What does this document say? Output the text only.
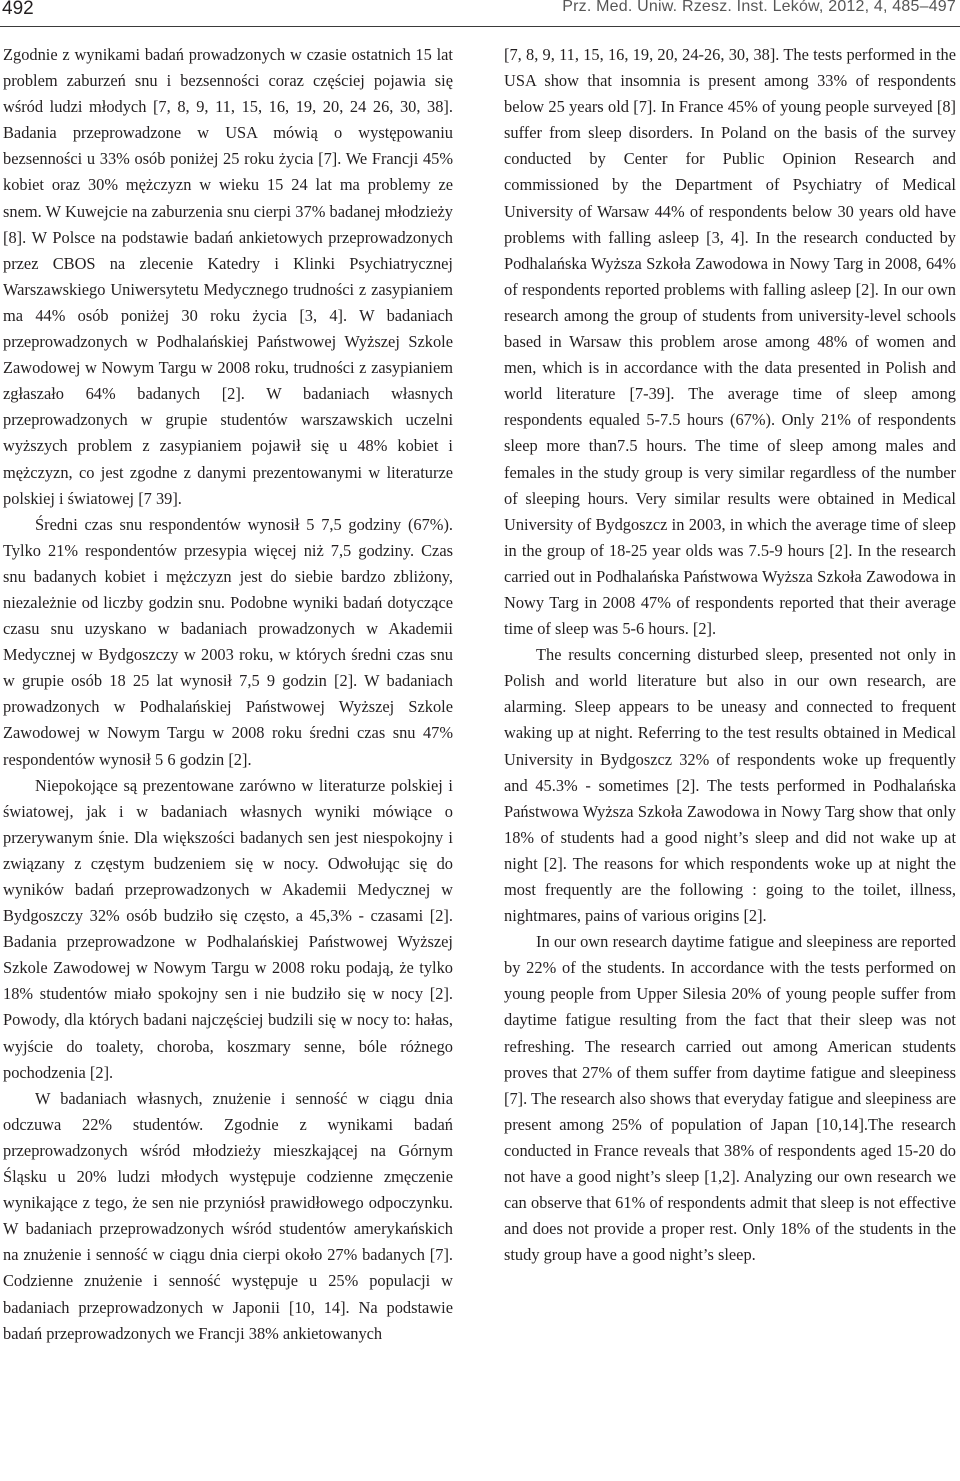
492	Prz. Med. Uniw. Rzesz. Inst. Leków, 2012, 4, 485–497

Zgodnie z wynikami badań prowadzonych w czasie ostatnich 15 lat problem zaburzeń snu i bezsenności coraz częściej pojawia się wśród ludzi młodych [7, 8, 9, 11, 15, 16, 19, 20, 24 26, 30, 38]. Badania przeprowadzone w USA mówią o występowaniu bezsenności u 33% osób poniżej 25 roku życia [7]. We Francji 45% kobiet oraz 30% mężczyzn w wieku 15 24 lat ma problemy ze snem. W Kuwejcie na zaburzenia snu cierpi 37% badanej młodzieży [8]. W Polsce na podstawie badań ankietowych przeprowadzonych przez CBOS na zlecenie Katedry i Klinki Psychiatrycznej Warszawskiego Uniwersytetu Medycznego trudności z zasypianiem ma 44% osób poniżej 30 roku życia [3, 4]. W badaniach przeprowadzonych w Podhalańskiej Państwowej Wyższej Szkole Zawodowej w Nowym Targu w 2008 roku, trudności z zasypianiem zgłaszało 64% badanych [2]. W badaniach własnych przeprowadzonych w grupie studentów warszawskich uczelni wyższych problem z zasypianiem pojawił się u 48% kobiet i mężczyzn, co jest zgodne z danymi prezentowanymi w literaturze polskiej i światowej [7 39].

Średni czas snu respondentów wynosił 5 7,5 godziny (67%). Tylko 21% respondentów przesypia więcej niż 7,5 godziny. Czas snu badanych kobiet i mężczyzn jest do siebie bardzo zbliżony, niezależnie od liczby godzin snu. Podobne wyniki badań dotyczące czasu snu uzyskano w badaniach prowadzonych w Akademii Medycznej w Bydgoszczy w 2003 roku, w których średni czas snu w grupie osób 18 25 lat wynosił 7,5 9 godzin [2]. W badaniach prowadzonych w Podhalańskiej Państwowej Wyższej Szkole Zawodowej w Nowym Targu w 2008 roku średni czas snu 47% respondentów wynosił 5 6 godzin [2].

Niepokojące są prezentowane zarówno w literaturze polskiej i światowej, jak i w badaniach własnych wyniki mówiące o przerywanym śnie. Dla większości badanych sen jest niespokojny i związany z częstym budzeniem się w nocy. Odwołując się do wyników badań przeprowadzonych w Akademii Medycznej w Bydgoszczy 32% osób budziło się często, a 45,3% - czasami [2]. Badania przeprowadzone w Podhalańskiej Państwowej Wyższej Szkole Zawodowej w Nowym Targu w 2008 roku podają, że tylko 18% studentów miało spokojny sen i nie budziło się w nocy [2]. Powody, dla których badani najczęściej budzili się w nocy to: hałas, wyjście do toalety, choroba, koszmary senne, bóle różnego pochodzenia [2].

W badaniach własnych, znużenie i senność w ciągu dnia odczuwa 22% studentów. Zgodnie z wynikami badań przeprowadzonych wśród młodzieży mieszkającej na Górnym Śląsku u 20% ludzi młodych występuje codzienne zmęczenie wynikające z tego, że sen nie przyniósł prawidłowego odpoczynku. W badaniach przeprowadzonych wśród studentów amerykańskich na znużenie i senność w ciągu dnia cierpi około 27% badanych [7]. Codzienne znużenie i senność występuje u 25% populacji w badaniach przeprowadzonych w Japonii [10, 14]. Na podstawie badań przeprowadzonych we Francji 38% ankietowanych

[7, 8, 9, 11, 15, 16, 19, 20, 24-26, 30, 38]. The tests performed in the USA show that insomnia is present among 33% of respondents below 25 years old [7]. In France 45% of young people surveyed [8] suffer from sleep disorders. In Poland on the basis of the survey conducted by Center for Public Opinion Research and commissioned by the Department of Psychiatry of Medical University of Warsaw 44% of respondents below 30 years old have problems with falling asleep [3, 4]. In the research conducted by Podhalańska Wyższa Szkoła Zawodowa in Nowy Targ in 2008, 64% of respondents reported problems with falling asleep [2]. In our own research among the group of students from university-level schools based in Warsaw this problem arose among 48% of women and men, which is in accordance with the data presented in Polish and world literature [7-39]. The average time of sleep among respondents equaled 5-7.5 hours (67%). Only 21% of respondents sleep more than7.5 hours. The time of sleep among males and females in the study group is very similar regardless of the number of sleeping hours. Very similar results were obtained in Medical University of Bydgoszcz in 2003, in which the average time of sleep in the group of 18-25 year olds was 7.5-9 hours [2]. In the research carried out in Podhalańska Państwowa Wyższa Szkoła Zawodowa in Nowy Targ in 2008 47% of respondents reported that their average time of sleep was 5-6 hours. [2].

The results concerning disturbed sleep, presented not only in Polish and world literature but also in our own research, are alarming. Sleep appears to be uneasy and connected to frequent waking up at night. Referring to the test results obtained in Medical University in Bydgoszcz 32% of respondents woke up frequently and 45.3% - sometimes [2]. The tests performed in Podhalańska Państwowa Wyższa Szkoła Zawodowa in Nowy Targ show that only 18% of students had a good night’s sleep and did not wake up at night [2]. The reasons for which respondents woke up at night the most frequently are the following : going to the toilet, illness, nightmares, pains of various origins [2].

In our own research daytime fatigue and sleepiness are reported by 22% of the students. In accordance with the tests performed on young people from Upper Silesia 20% of young people suffer from daytime fatigue resulting from the fact that their sleep was not refreshing. The research carried out among American students proves that 27% of them suffer from daytime fatigue and sleepiness [7]. The research also shows that everyday fatigue and sleepiness are present among 25% of population of Japan [10,14].The research conducted in France reveals that 38% of respondents aged 15-20 do not have a good night’s sleep [1,2]. Analyzing our own research we can observe that 61% of respondents admit that sleep is not effective and does not provide a proper rest. Only 18% of the students in the study group have a good night’s sleep.
